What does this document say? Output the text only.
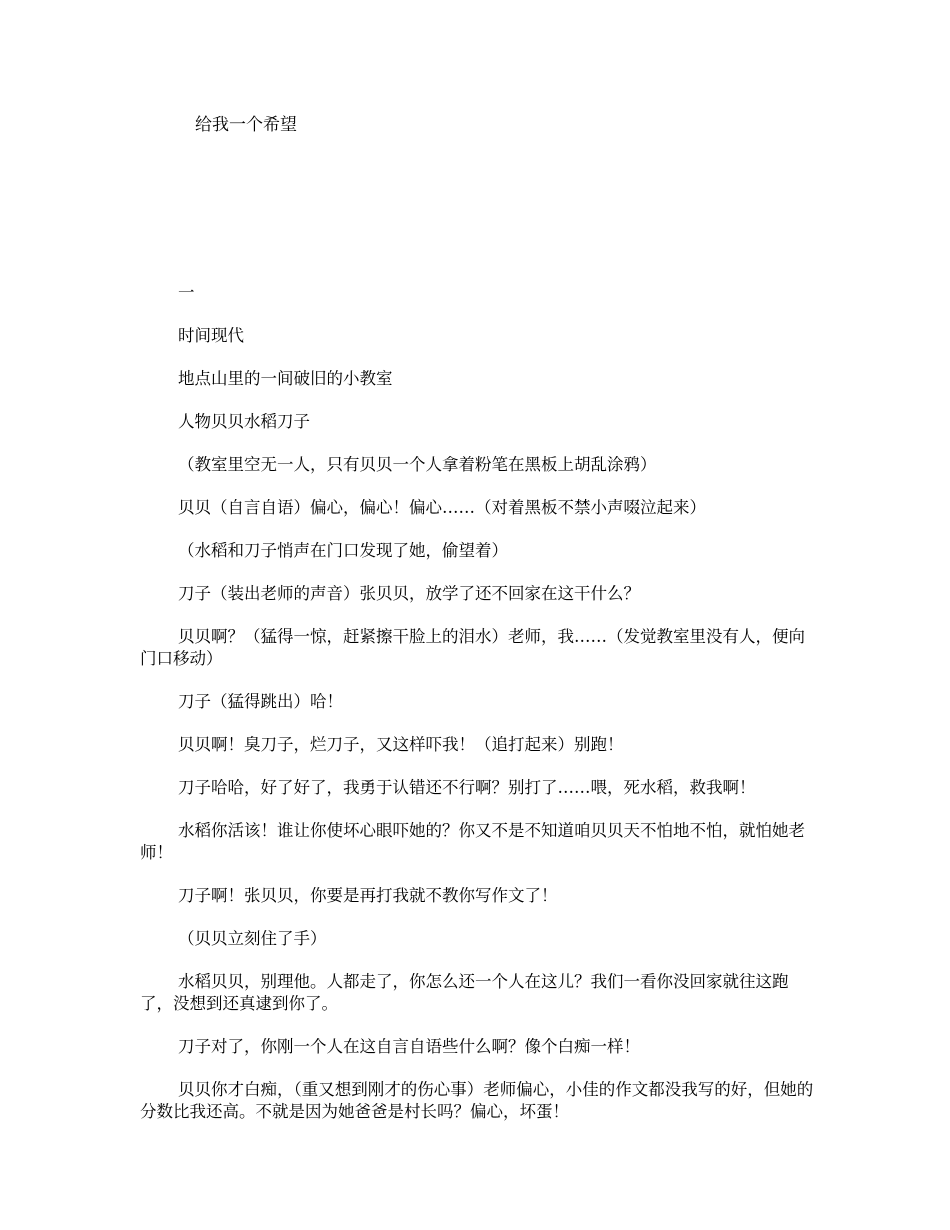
给我一个希望

一

时间现代

地点山里的一间破旧的小教室

人物贝贝水稻刀子

（教室里空无一人，只有贝贝一个人拿着粉笔在黑板上胡乱涂鸦）

贝贝（自言自语）偏心，偏心！偏心……（对着黑板不禁小声啜泣起来）

（水稻和刀子悄声在门口发现了她，偷望着）

刀子（装出老师的声音）张贝贝，放学了还不回家在这干什么？

贝贝啊？（猛得一惊，赶紧擦干脸上的泪水）老师，我……（发觉教室里没有人，便向门口移动）

刀子（猛得跳出）哈！

贝贝啊！臭刀子，烂刀子，又这样吓我！（追打起来）别跑！

刀子哈哈，好了好了，我勇于认错还不行啊？别打了……喂，死水稻，救我啊！

水稻你活该！谁让你使坏心眼吓她的？你又不是不知道咱贝贝天不怕地不怕，就怕她老师！

刀子啊！张贝贝，你要是再打我就不教你写作文了！

（贝贝立刻住了手）

水稻贝贝，别理他。人都走了，你怎么还一个人在这儿？我们一看你没回家就往这跑了，没想到还真逮到你了。

刀子对了，你刚一个人在这自言自语些什么啊？像个白痴一样！

贝贝你才白痴，（重又想到刚才的伤心事）老师偏心，小佳的作文都没我写的好，但她的分数比我还高。不就是因为她爸爸是村长吗？偏心，坏蛋！
